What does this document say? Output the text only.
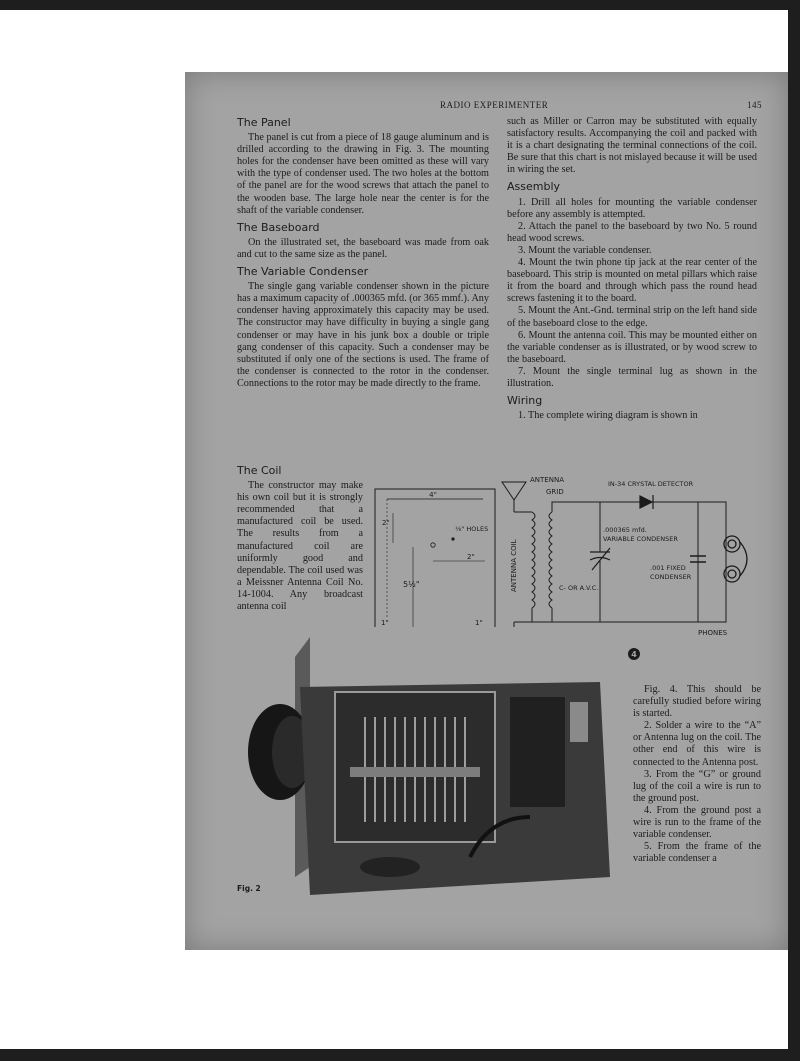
RADIO EXPERIMENTER	145
The Panel

The panel is cut from a piece of 18 gauge aluminum and is drilled according to the drawing in Fig. 3. The mounting holes for the condenser have been omitted as these will vary with the type of condenser used. The two holes at the bottom of the panel are for the wood screws that attach the panel to the wooden base. The large hole near the center is for the shaft of the variable condenser.

The Baseboard

On the illustrated set, the baseboard was made from oak and cut to the same size as the panel.

The Variable Condenser

The single gang variable condenser shown in the picture has a maximum capacity of .000365 mfd. (or 365 mmf.). Any condenser having approximately this capacity may be used. The constructor may have difficulty in buying a single gang condenser or may have in his junk box a double or triple gang condenser of this capacity. Such a condenser may be substituted if only one of the sections is used. The frame of the condenser is connected to the rotor in the condenser. Connections to the rotor may be made directly to the frame.

The Coil

The constructor may make his own coil but it is strongly recommended that a manufactured coil be used. The results from a manufactured coil are uniformly good and dependable. The coil used was a Meissner Antenna Coil No. 14-1004. Any broadcast antenna coil

such as Miller or Carron may be substituted with equally satisfactory results. Accompanying the coil and packed with it is a chart designating the terminal connections of the coil. Be sure that this chart is not mislayed because it will be used in wiring the set.

Assembly

1. Drill all holes for mounting the variable condenser before any assembly is attempted.

2. Attach the panel to the baseboard by two No. 5 round head wood screws.

3. Mount the variable condenser.

4. Mount the twin phone tip jack at the rear center of the baseboard. This strip is mounted on metal pillars which raise it from the board and through which pass the round head screws fastening it to the board.

5. Mount the Ant.-Gnd. terminal strip on the left hand side of the baseboard close to the edge.

6. Mount the antenna coil. This may be mounted either on the variable condenser as is illustrated, or by wood screw to the baseboard.

7. Mount the single terminal lug as shown in the illustration.

Wiring

1. The complete wiring diagram is shown in

4"
2"
⅛" HOLES
2"
5½"
1"	1"
ANTENNA
GRID
ANTENNA COIL	C- OR A.V.C.
.000365 mfd.
VARIABLE CONDENSER
IN-34 CRYSTAL DETECTOR
.001 FIXED
CONDENSER
PHONES
4

Fig. 4. This should be carefully studied before wiring is started.

2. Solder a wire to the “A” or Antenna lug on the coil. The other end of this wire is connected to the Antenna post.

3. From the “G” or ground lug of the coil a wire is run to the ground post.

4. From the ground post a wire is run to the frame of the variable condenser.

5. From the frame of the variable condenser a

Fig. 2
